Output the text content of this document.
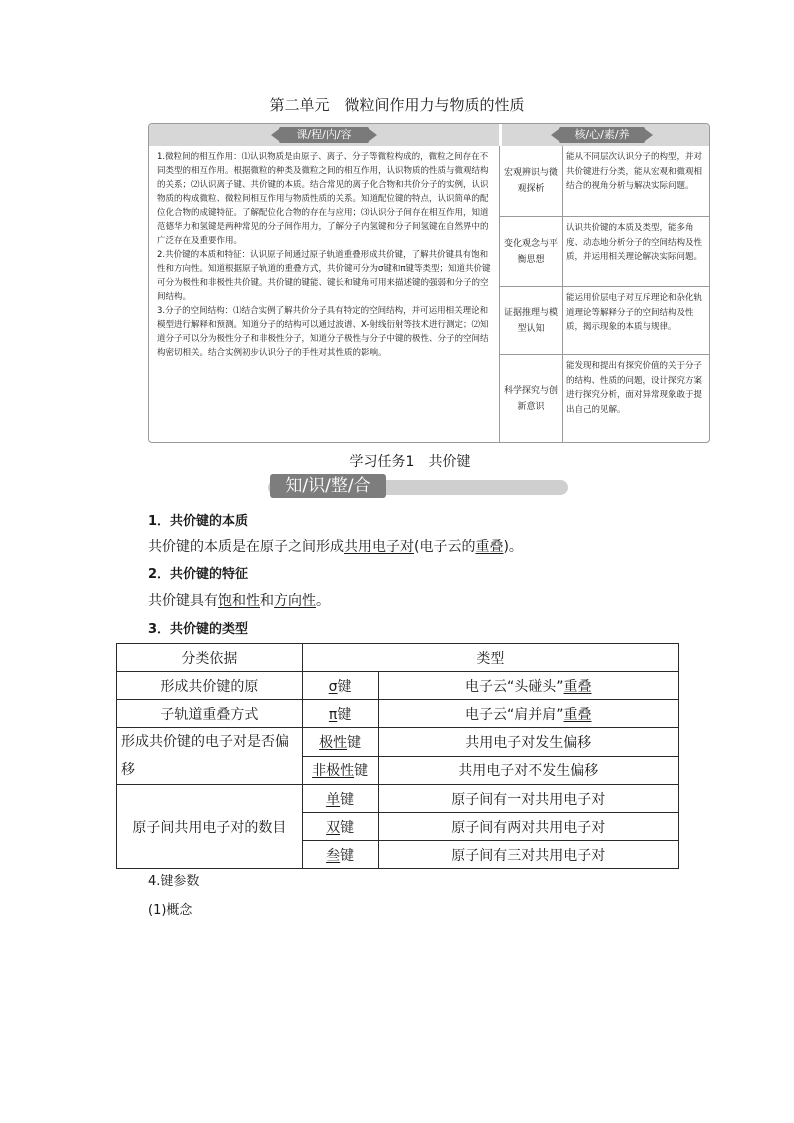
第二单元　微粒间作用力与物质的性质
课/程/内/容	核/心/素/养

1.微粒间的相互作用：⑴认识物质是由原子、离子、分子等微粒构成的，微粒之间存在不同类型的相互作用。根据微粒的种类及微粒之间的相互作用，认识物质的性质与微观结构的关系；⑵认识离子键、共价键的本质。结合常见的离子化合物和共价分子的实例，认识物质的构成微粒、微粒间相互作用与物质性质的关系。知道配位键的特点，认识简单的配位化合物的成键特征。了解配位化合物的存在与应用；⑶认识分子间存在相互作用，知道范德华力和氢键是两种常见的分子间作用力，了解分子内氢键和分子间氢键在自然界中的广泛存在及重要作用。

2.共价键的本质和特征：认识原子间通过原子轨道重叠形成共价键，了解共价键具有饱和性和方向性。知道根据原子轨道的重叠方式，共价键可分为σ键和π键等类型；知道共价键可分为极性和非极性共价键。共价键的键能、键长和键角可用来描述键的强弱和分子的空间结构。

3.分子的空间结构：⑴结合实例了解共价分子具有特定的空间结构，并可运用相关理论和模型进行解释和预测。知道分子的结构可以通过波谱、X-射线衍射等技术进行测定；⑵知道分子可以分为极性分子和非极性分子，知道分子极性与分子中键的极性、分子的空间结构密切相关。结合实例初步认识分子的手性对其性质的影响。

宏观辨识与微观探析
能从不同层次认识分子的构型，并对共价键进行分类，能从宏观和微观相结合的视角分析与解决实际问题。
变化观念与平衡思想
认识共价键的本质及类型，能多角度、动态地分析分子的空间结构及性质，并运用相关理论解决实际问题。
证据推理与模型认知
能运用价层电子对互斥理论和杂化轨道理论等解释分子的空间结构及性质，揭示现象的本质与规律。
科学探究与创新意识
能发现和提出有探究价值的关于分子的结构、性质的问题，设计探究方案进行探究分析，面对异常现象敢于提出自己的见解。
学习任务1　共价键
知/识/整/合
1．共价键的本质
共价键的本质是在原子之间形成共用电子对(电子云的重叠)。
2．共价键的特征
共价键具有饱和性和方向性。
3．共价键的类型
分类依据	类型	
形成共价键的原	σ键	电子云“头碰头”重叠
子轨道重叠方式	π键	电子云“肩并肩”重叠
形成共价键的电子对是否偏移	极性键	共用电子对发生偏移
	非极性键	共用电子对不发生偏移
原子间共用电子对的数目	单键	原子间有一对共用电子对
	双键	原子间有两对共用电子对
	叁键	原子间有三对共用电子对
4.键参数
(1)概念
